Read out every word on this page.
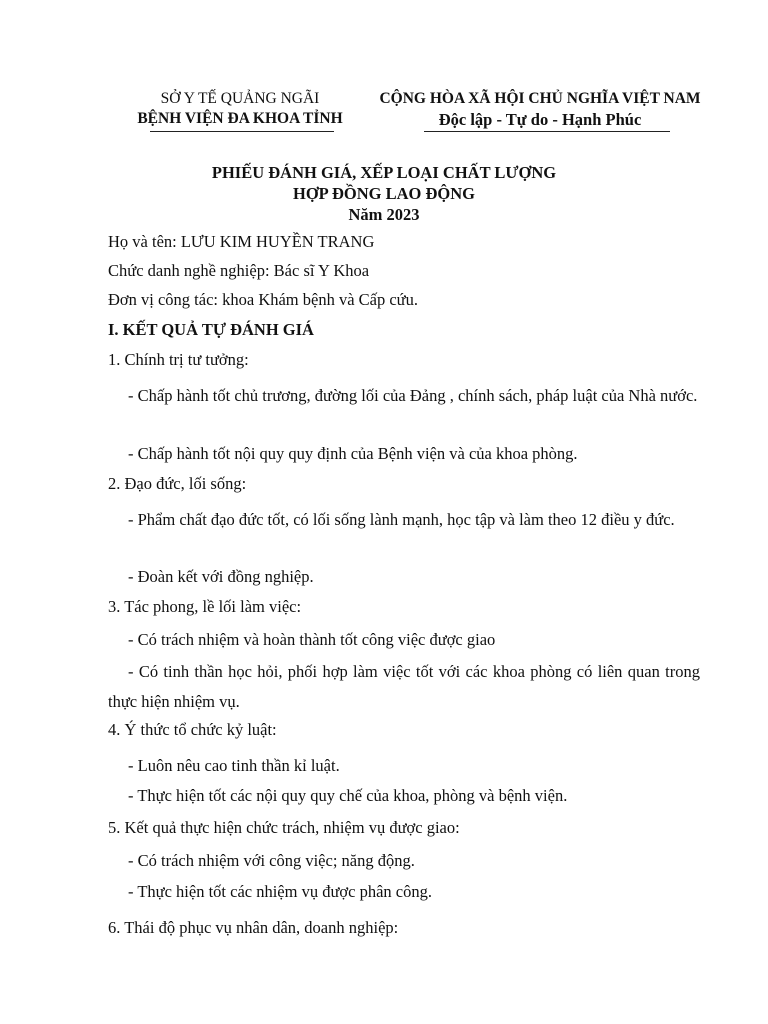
SỞ Y TẾ QUẢNG NGÃI
BỆNH VIỆN ĐA KHOA TỈNH
CỘNG HÒA XÃ HỘI CHỦ NGHĨA VIỆT NAM
Độc lập - Tự do - Hạnh Phúc
PHIẾU ĐÁNH GIÁ, XẾP LOẠI CHẤT LƯỢNG
HỢP ĐỒNG LAO ĐỘNG
Năm 2023
Họ và tên: LƯU KIM HUYỀN TRANG
Chức danh nghề nghiệp: Bác sĩ Y Khoa
Đơn vị công tác: khoa Khám bệnh và Cấp cứu.
I. KẾT QUẢ TỰ ĐÁNH GIÁ
1. Chính trị tư tưởng:
- Chấp hành tốt chủ trương, đường lối của Đảng , chính sách, pháp luật của Nhà nước.
- Chấp hành tốt nội quy quy định của Bệnh viện và của khoa phòng.
2. Đạo đức, lối sống:
- Phẩm chất đạo đức tốt, có lối sống lành mạnh, học tập và làm theo 12 điều y đức.
- Đoàn kết với đồng nghiệp.
3. Tác phong, lề lối làm việc:
- Có trách nhiệm và hoàn thành tốt công việc được giao
- Có tinh thần học hỏi, phối hợp làm việc tốt với các khoa phòng có liên quan trong thực hiện nhiệm vụ.
4. Ý thức tổ chức kỷ luật:
- Luôn nêu cao tinh thần kỉ luật.
- Thực hiện tốt các nội quy quy chế của khoa, phòng và bệnh viện.
5. Kết quả thực hiện chức trách, nhiệm vụ được giao:
- Có trách nhiệm với công việc; năng động.
- Thực hiện tốt các nhiệm vụ được phân công.
6. Thái độ phục vụ nhân dân, doanh nghiệp:
